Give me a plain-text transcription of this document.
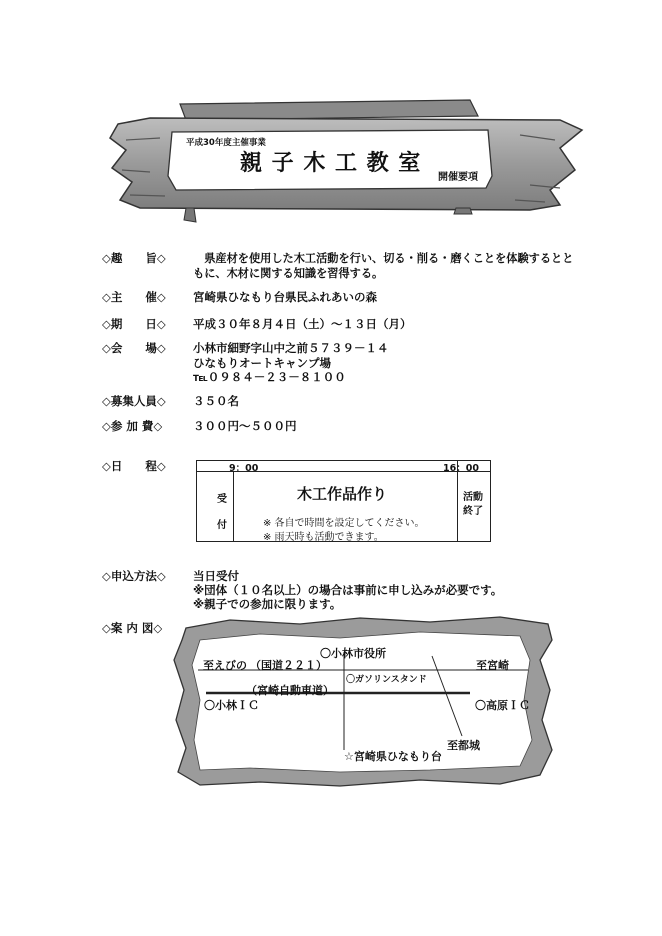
平成30年度主催事業
親 子 木 工 教 室
開催要項
◇趣　　旨◇ 　県産材を使用した木工活動を行い、切る・削る・磨くことを体験するとと
もに、木材に関する知識を習得する。
◇主　　催◇ 宮崎県ひなもり台県民ふれあいの森
◇期　　日◇ 平成３０年８月４日（土）～１３日（月）
◇会　　場◇ 小林市細野字山中之前５７３９－１４
ひなもりオートキャンプ場
℡０９８４－２３－８１００
◇募集人員◇ ３５０名
◇参 加 費◇	３００円～５００円
◇日　　程◇	9：00	16：00
受
付
木工作品作り
※ 各自で時間を設定してください。
※ 雨天時も活動できます。
活動
終了
◇申込方法◇ 当日受付
※団体（１０名以上）の場合は事前に申し込みが必要です。
※親子での参加に限ります。
◇案 内 図◇
〇小林市役所
至えびの （国道２２１）	至宮崎
〇ガソリンスタンド
（宮崎自動車道）
〇小林ＩＣ	〇高原ＩＣ
至都城
☆宮崎県ひなもり台
